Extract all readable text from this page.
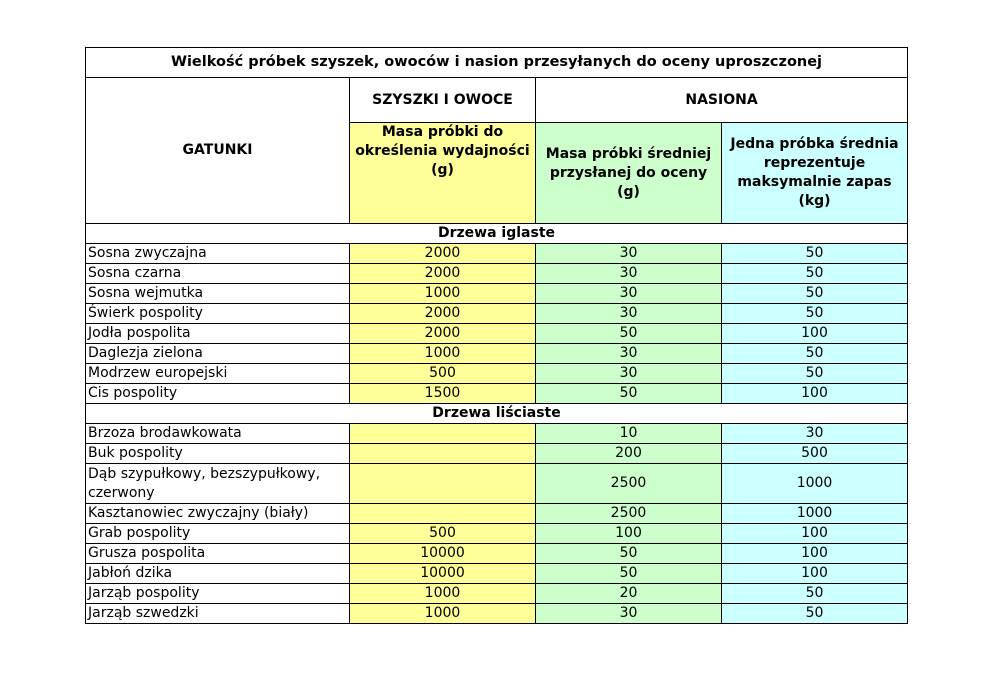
Wielkość próbek szyszek, owoców i nasion przesyłanych do oceny uproszczonej			
GATUNKI	SZYSZKI I OWOCE	NASIONA	
	Masa próbki do określenia wydajności (g)	Masa próbki średniej przysłanej do oceny (g)	Jedna próbka średnia reprezentuje maksymalnie zapas (kg)
Drzewa iglaste			
Sosna zwyczajna	2000	30	50
Sosna czarna	2000	30	50
Sosna wejmutka	1000	30	50
Świerk pospolity	2000	30	50
Jodła pospolita	2000	50	100
Daglezja zielona	1000	30	50
Modrzew europejski	500	30	50
Cis pospolity	1500	50	100
Drzewa liściaste			
Brzoza brodawkowata		10	30
Buk pospolity		200	500
Dąb szypułkowy, bezszypułkowy, czerwony		2500	1000
Kasztanowiec zwyczajny (biały)		2500	1000
Grab pospolity	500	100	100
Grusza pospolita	10000	50	100
Jabłoń dzika	10000	50	100
Jarząb pospolity	1000	20	50
Jarząb szwedzki	1000	30	50
